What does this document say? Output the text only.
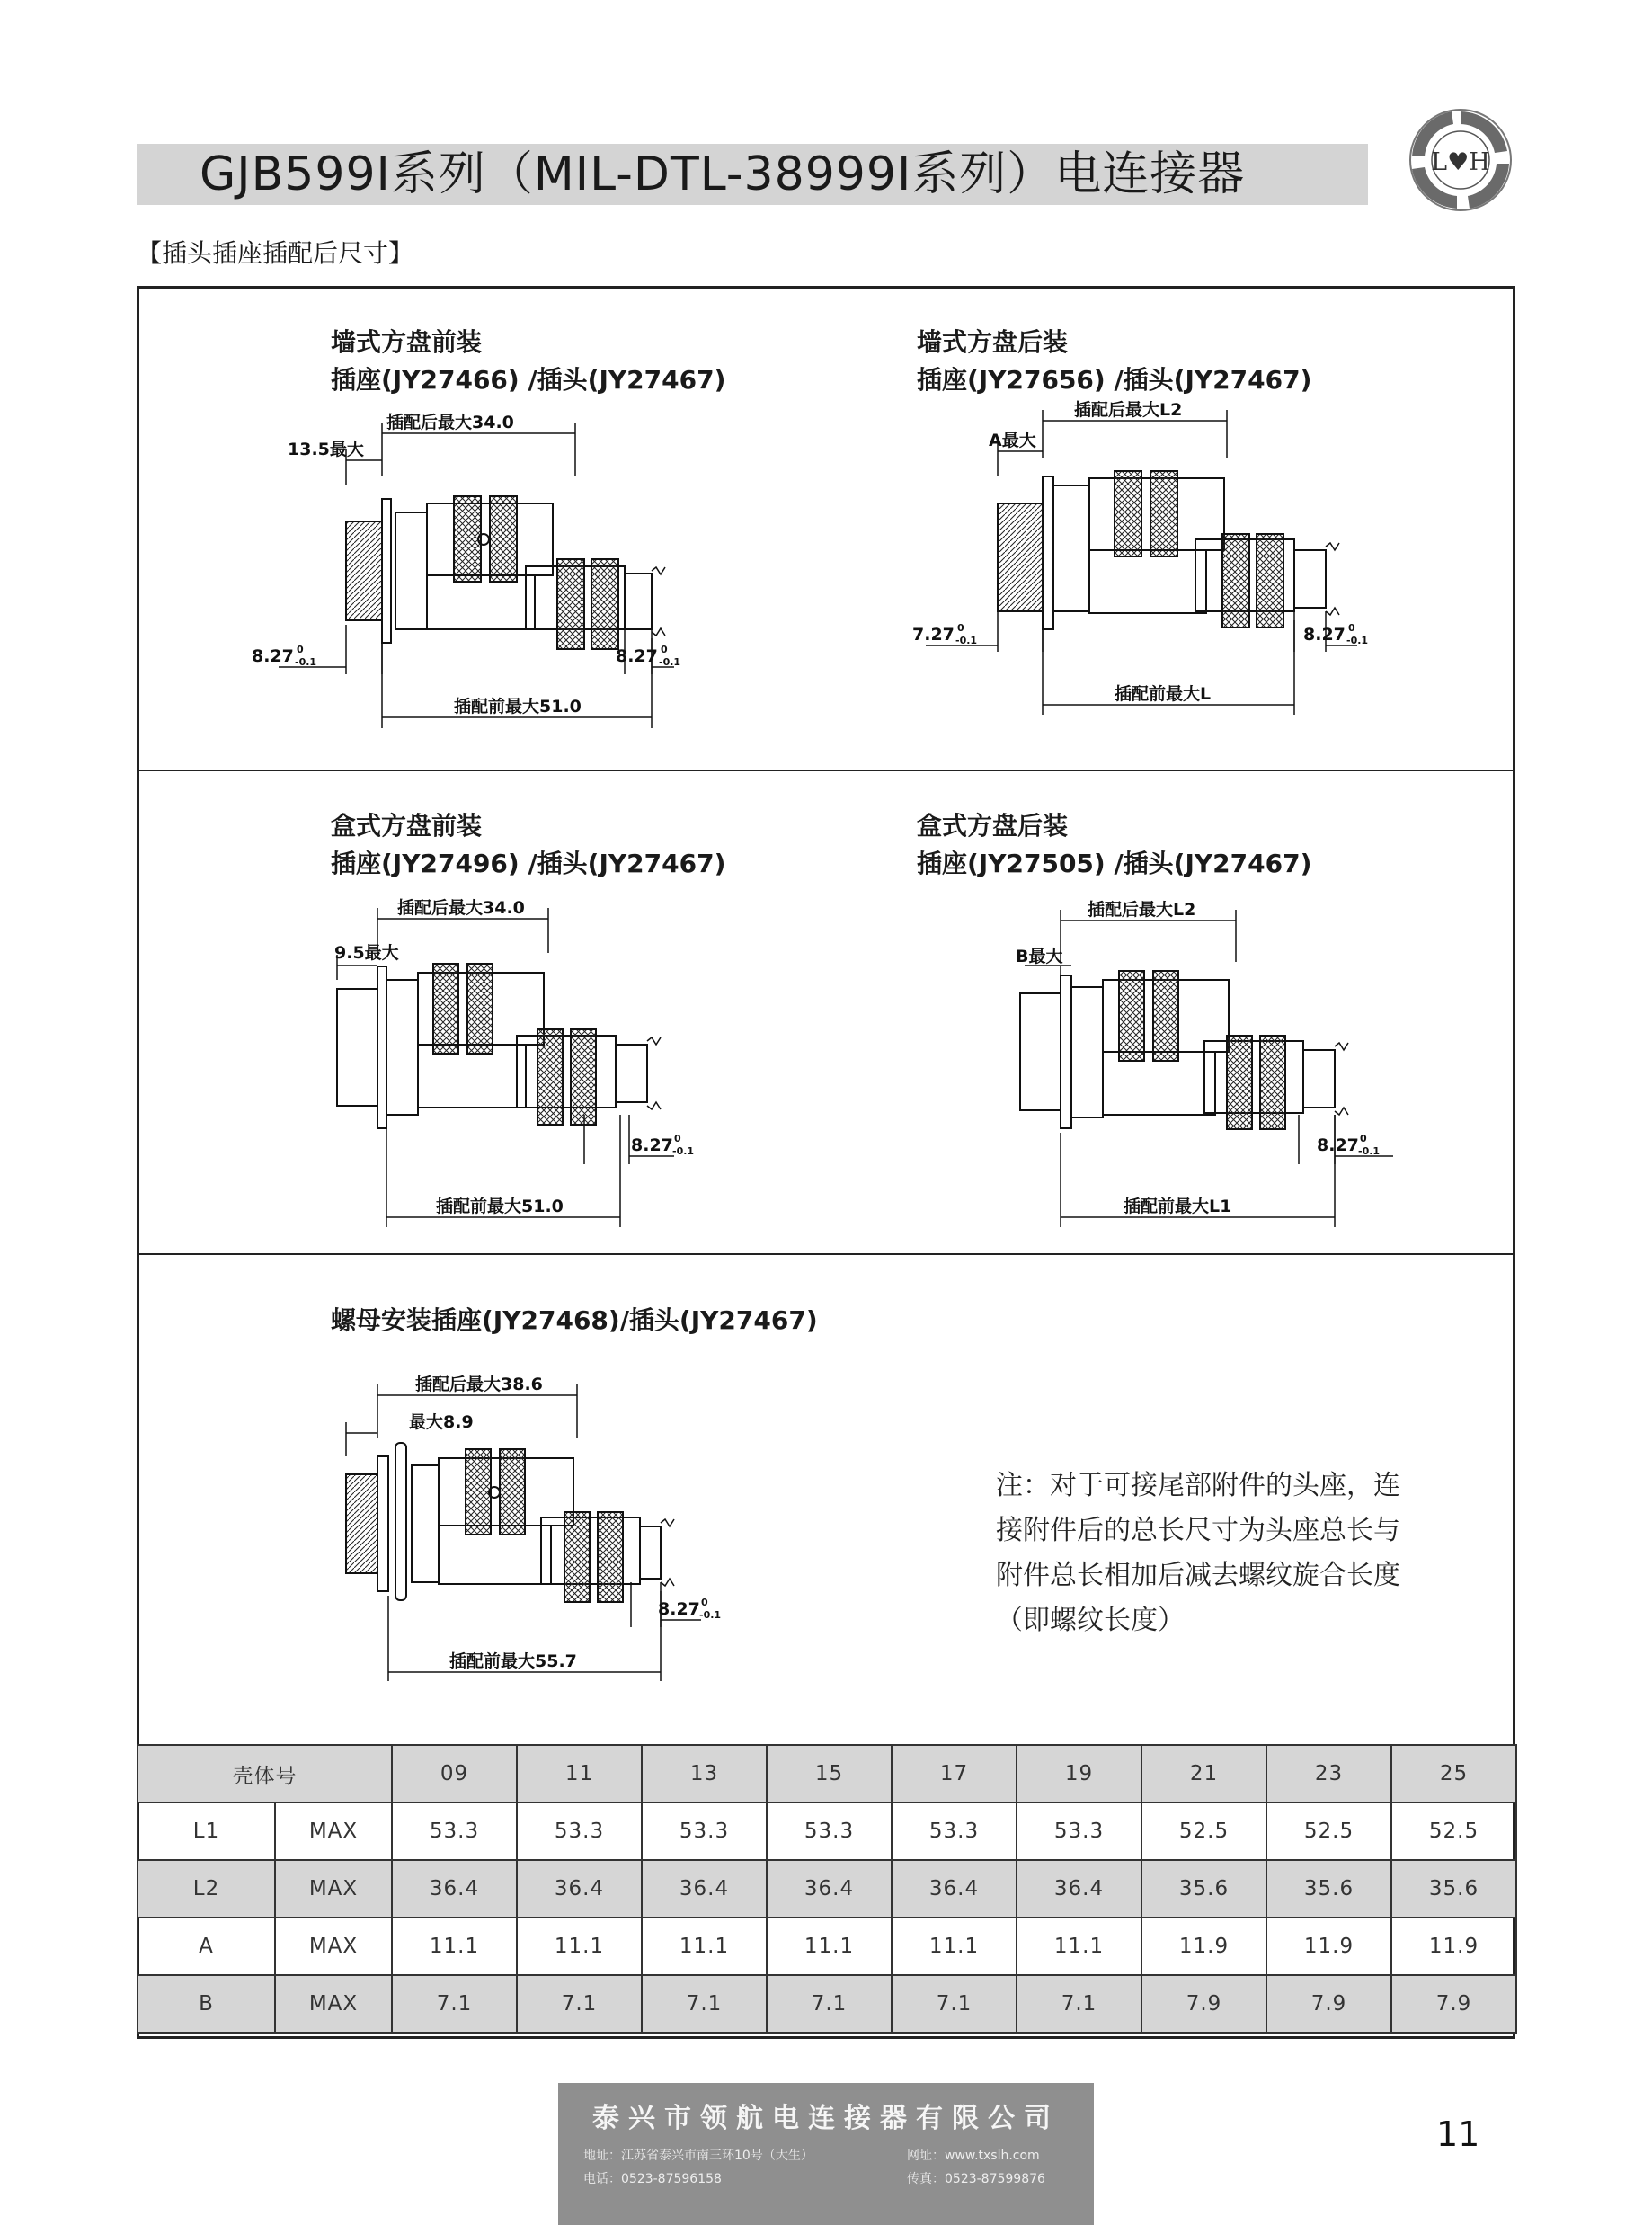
GJB599Ⅰ系列（MIL-DTL-38999Ⅰ系列）电连接器	L♥H
【插头插座插配后尺寸】
墙式方盘前装
插座(JY27466) /插头(JY27467)
墙式方盘后装
插座(JY27656) /插头(JY27467)
盒式方盘前装
插座(JY27496) /插头(JY27467)
盒式方盘后装
插座(JY27505) /插头(JY27467)
螺母安装插座(JY27468)/插头(JY27467)
插配后最大34.0
13.5最大
8.27 0
-0.1	8.27 0
-0.1
插配前最大51.0
插配后最大L2
A最大
7.27 0
-0.1	8.27 0
-0.1
插配前最大L
插配后最大34.0
9.5最大
8.27 0
-0.1
插配前最大51.0
插配后最大L2
B最大
8.27 0
-0.1
插配前最大L1
插配后最大38.6
最大8.9
8.27 0
-0.1
插配前最大55.7
注：对于可接尾部附件的头座，连接附件后的总长尺寸为头座总长与附件总长相加后减去螺纹旋合长度（即螺纹长度）
壳体号		09	11	13	15	17	19	21	23	25
L1	MAX	53.3	53.3	53.3	53.3	53.3	53.3	52.5	52.5	52.5
L2	MAX	36.4	36.4	36.4	36.4	36.4	36.4	35.6	35.6	35.6
A	MAX	11.1	11.1	11.1	11.1	11.1	11.1	11.9	11.9	11.9
B	MAX	7.1	7.1	7.1	7.1	7.1	7.1	7.9	7.9	7.9
泰兴市领航电连接器有限公司
地址：江苏省泰兴市南三环10号（大生）	网址：www.txslh.com
电话：0523-87596158	传真：0523-87599876
11
